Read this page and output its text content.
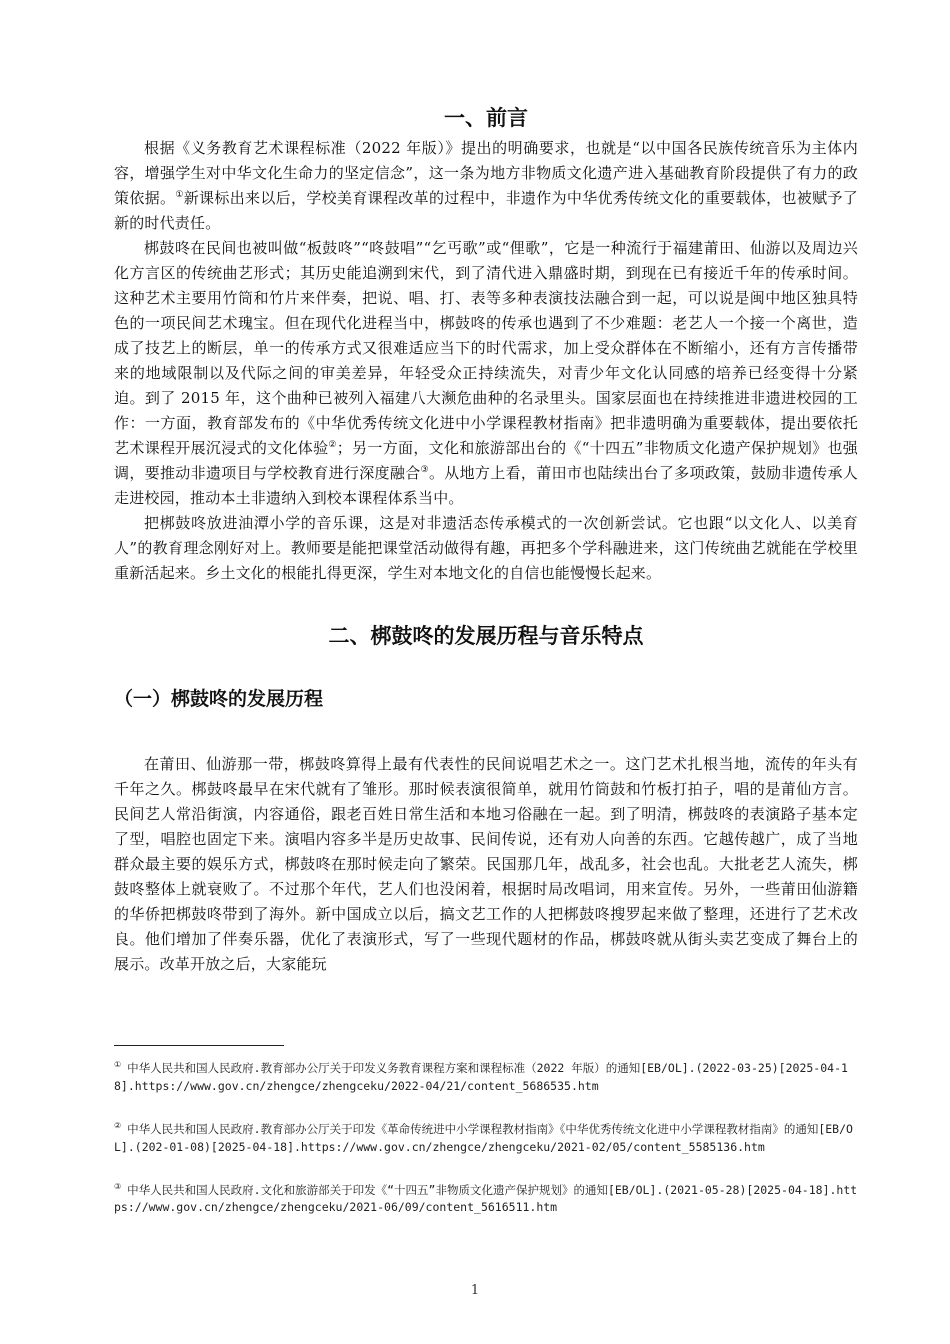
一、前言

根据《义务教育艺术课程标准（2022 年版）》提出的明确要求，也就是“以中国各民族传统音乐为主体内容，增强学生对中华文化生命力的坚定信念”，这一条为地方非物质文化遗产进入基础教育阶段提供了有力的政策依据。①新课标出来以后，学校美育课程改革的过程中，非遗作为中华优秀传统文化的重要载体，也被赋予了新的时代责任。

梆鼓咚在民间也被叫做“板鼓咚”“咚鼓唱”“乞丐歌”或“俚歌”，它是一种流行于福建莆田、仙游以及周边兴化方言区的传统曲艺形式；其历史能追溯到宋代，到了清代进入鼎盛时期，到现在已有接近千年的传承时间。这种艺术主要用竹筒和竹片来伴奏，把说、唱、打、表等多种表演技法融合到一起，可以说是闽中地区独具特色的一项民间艺术瑰宝。但在现代化进程当中，梆鼓咚的传承也遇到了不少难题：老艺人一个接一个离世，造成了技艺上的断层，单一的传承方式又很难适应当下的时代需求，加上受众群体在不断缩小，还有方言传播带来的地域限制以及代际之间的审美差异，年轻受众正持续流失，对青少年文化认同感的培养已经变得十分紧迫。到了 2015 年，这个曲种已被列入福建八大濒危曲种的名录里头。国家层面也在持续推进非遗进校园的工作：一方面，教育部发布的《中华优秀传统文化进中小学课程教材指南》把非遗明确为重要载体，提出要依托艺术课程开展沉浸式的文化体验②；另一方面，文化和旅游部出台的《“十四五”非物质文化遗产保护规划》也强调，要推动非遗项目与学校教育进行深度融合③。从地方上看，莆田市也陆续出台了多项政策，鼓励非遗传承人走进校园，推动本土非遗纳入到校本课程体系当中。

把梆鼓咚放进油潭小学的音乐课，这是对非遗活态传承模式的一次创新尝试。它也跟“以文化人、以美育人”的教育理念刚好对上。教师要是能把课堂活动做得有趣，再把多个学科融进来，这门传统曲艺就能在学校里重新活起来。乡土文化的根能扎得更深，学生对本地文化的自信也能慢慢长起来。

二、梆鼓咚的发展历程与音乐特点
（一）梆鼓咚的发展历程

在莆田、仙游那一带，梆鼓咚算得上最有代表性的民间说唱艺术之一。这门艺术扎根当地，流传的年头有千年之久。梆鼓咚最早在宋代就有了雏形。那时候表演很简单，就用竹筒鼓和竹板打拍子，唱的是莆仙方言。民间艺人常沿街演，内容通俗，跟老百姓日常生活和本地习俗融在一起。到了明清，梆鼓咚的表演路子基本定了型，唱腔也固定下来。演唱内容多半是历史故事、民间传说，还有劝人向善的东西。它越传越广，成了当地群众最主要的娱乐方式，梆鼓咚在那时候走向了繁荣。民国那几年，战乱多，社会也乱。大批老艺人流失，梆鼓咚整体上就衰败了。不过那个年代，艺人们也没闲着，根据时局改唱词，用来宣传。另外，一些莆田仙游籍的华侨把梆鼓咚带到了海外。新中国成立以后，搞文艺工作的人把梆鼓咚搜罗起来做了整理，还进行了艺术改良。他们增加了伴奏乐器，优化了表演形式，写了一些现代题材的作品，梆鼓咚就从街头卖艺变成了舞台上的展示。改革开放之后，大家能玩

① 中华人民共和国人民政府.教育部办公厅关于印发义务教育课程方案和课程标准（2022 年版）的通知[EB/OL].(2022-03-25)[2025-04-18].https://www.gov.cn/zhengce/zhengceku/2022-04/21/content_5686535.htm
② 中华人民共和国人民政府.教育部办公厅关于印发《革命传统进中小学课程教材指南》《中华优秀传统文化进中小学课程教材指南》的通知[EB/OL].(202-01-08)[2025-04-18].https://www.gov.cn/zhengce/zhengceku/2021-02/05/content_5585136.htm
③ 中华人民共和国人民政府.文化和旅游部关于印发《“十四五”非物质文化遗产保护规划》的通知[EB/OL].(2021-05-28)[2025-04-18].https://www.gov.cn/zhengce/zhengceku/2021-06/09/content_5616511.htm
1
